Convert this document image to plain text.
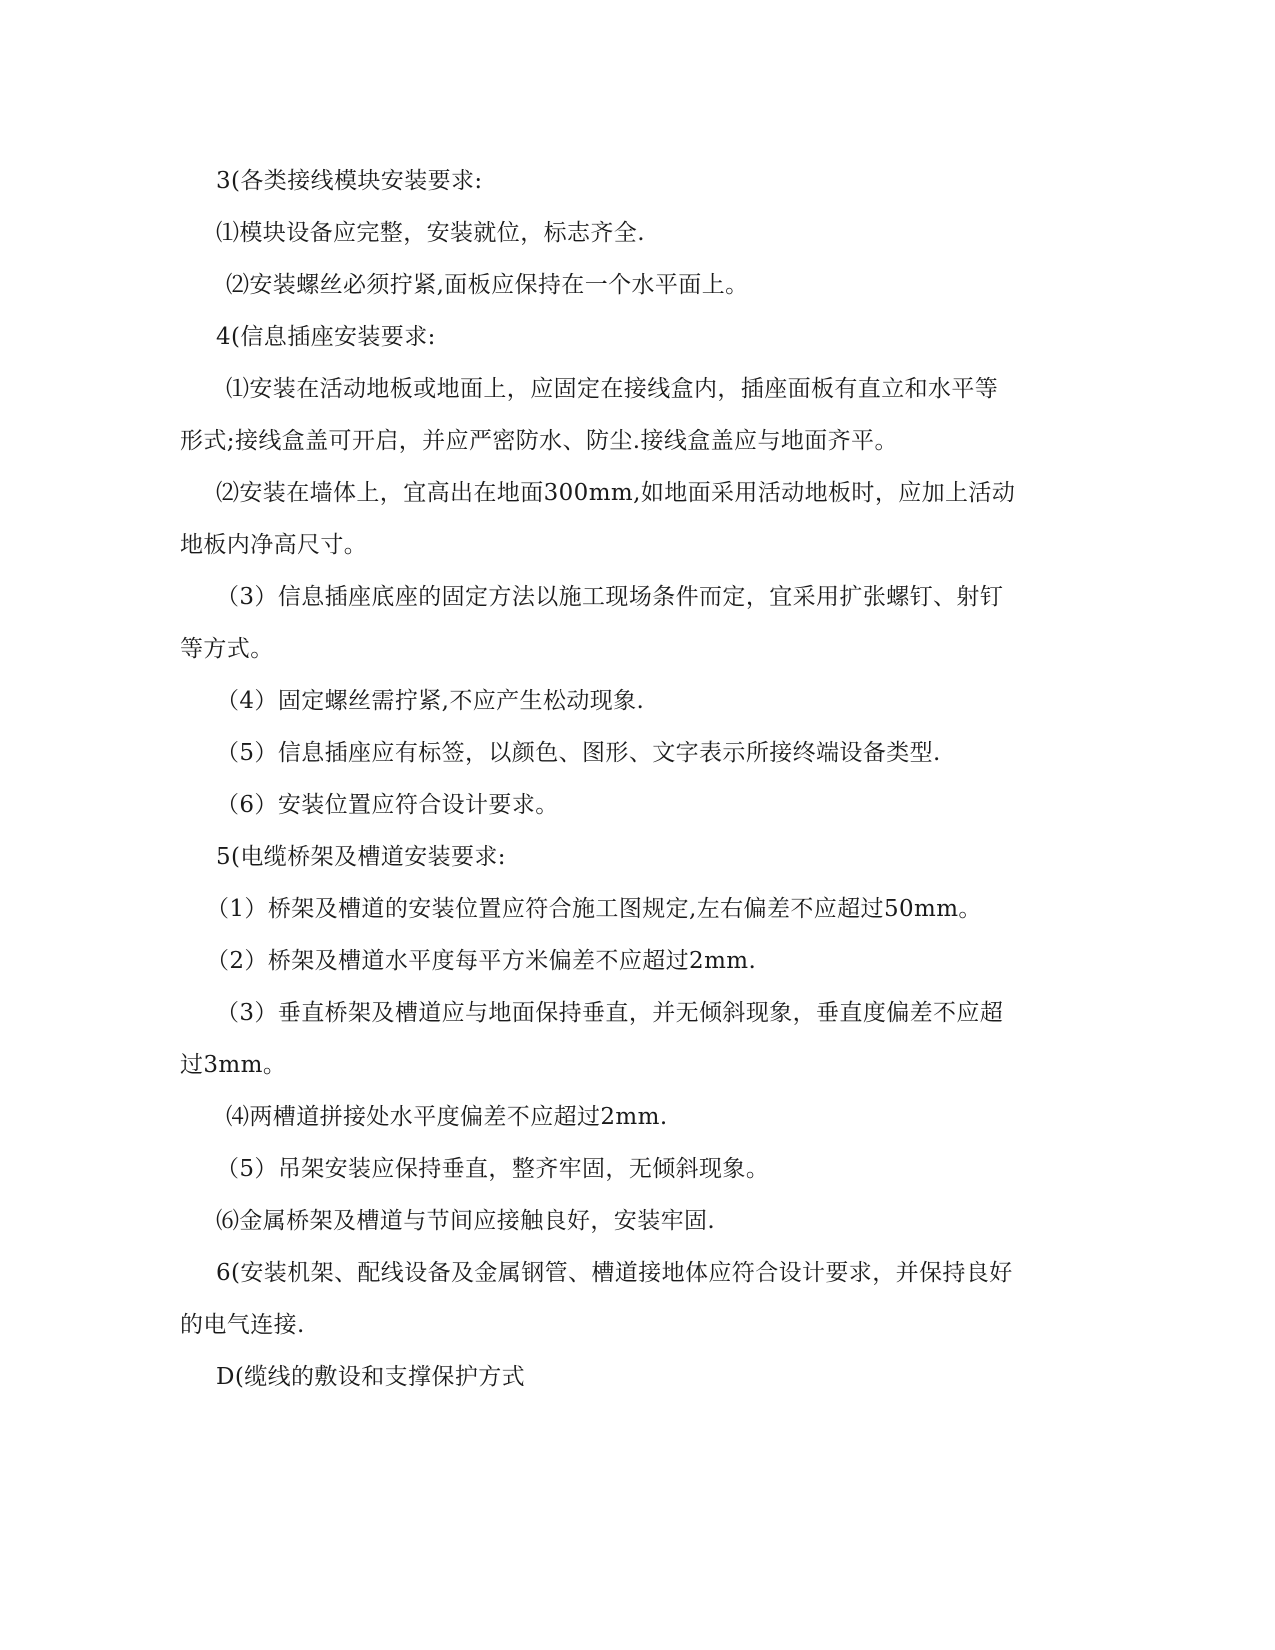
3(各类接线模块安装要求:
⑴模块设备应完整，安装就位，标志齐全.
⑵安装螺丝必须拧紧,面板应保持在一个水平面上。
4(信息插座安装要求:
⑴安装在活动地板或地面上，应固定在接线盒内，插座面板有直立和水平等
形式;接线盒盖可开启，并应严密防水、防尘.接线盒盖应与地面齐平。
⑵安装在墙体上，宜高出在地面300mm,如地面采用活动地板时，应加上活动
地板内净高尺寸。
（3）信息插座底座的固定方法以施工现场条件而定，宜采用扩张螺钉、射钉
等方式。
（4）固定螺丝需拧紧,不应产生松动现象.
（5）信息插座应有标签，以颜色、图形、文字表示所接终端设备类型.
（6）安装位置应符合设计要求。
5(电缆桥架及槽道安装要求:
（1）桥架及槽道的安装位置应符合施工图规定,左右偏差不应超过50mm。
（2）桥架及槽道水平度每平方米偏差不应超过2mm.
（3）垂直桥架及槽道应与地面保持垂直，并无倾斜现象，垂直度偏差不应超
过3mm。
⑷两槽道拼接处水平度偏差不应超过2mm.
（5）吊架安装应保持垂直，整齐牢固，无倾斜现象。
⑹金属桥架及槽道与节间应接触良好，安装牢固.
6(安装机架、配线设备及金属钢管、槽道接地体应符合设计要求，并保持良好
的电气连接.
D(缆线的敷设和支撑保护方式
